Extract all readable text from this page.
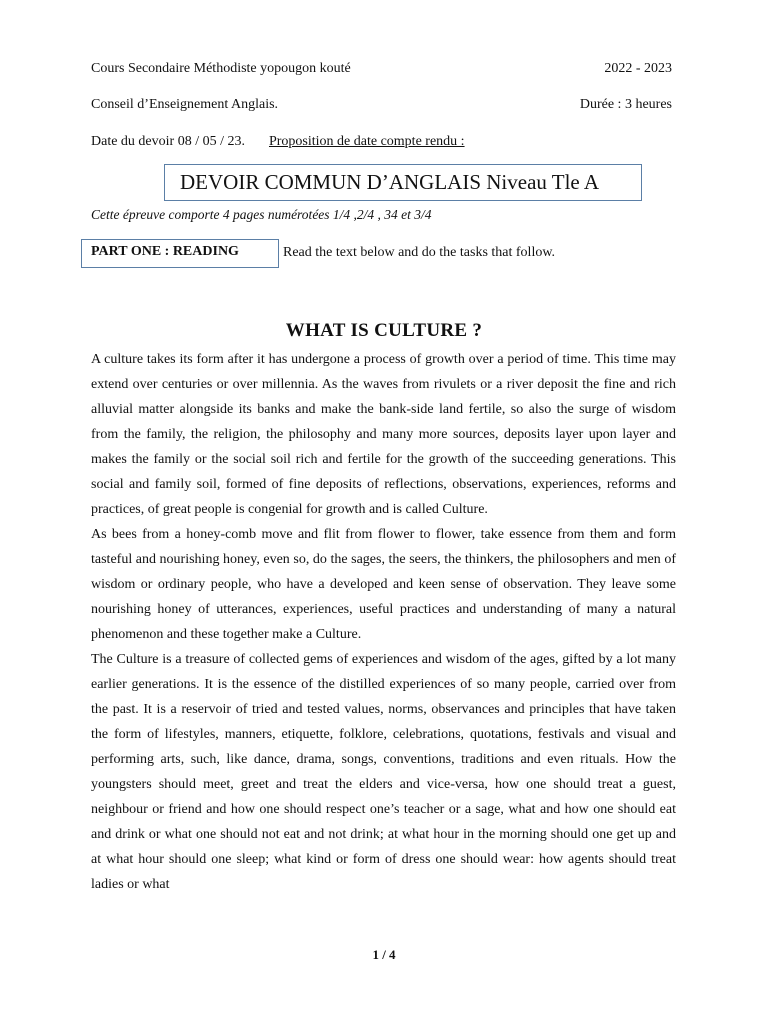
Cours Secondaire Méthodiste yopougon kouté	2022 - 2023
Conseil d’Enseignement Anglais.	Durée : 3 heures
Date du devoir 08 / 05 / 23. Proposition de date compte rendu :
DEVOIR COMMUN D’ANGLAIS Niveau Tle A
Cette épreuve comporte 4 pages numérotées 1/4 ,2/4 , 34 et 3/4
PART ONE : READING	Read the text below and do the tasks that follow.
WHAT IS CULTURE ?

A culture takes its form after it has undergone a process of growth over a period of time. This time may extend over centuries or over millennia. As the waves from rivulets or a river deposit the fine and rich alluvial matter alongside its banks and make the bank-side land fertile, so also the surge of wisdom from the family, the religion, the philosophy and many more sources, deposits layer upon layer and makes the family or the social soil rich and fertile for the growth of the succeeding generations. This social and family soil, formed of fine deposits of reflections, observations, experiences, reforms and practices, of great people is congenial for growth and is called Culture.

As bees from a honey-comb move and flit from flower to flower, take essence from them and form tasteful and nourishing honey, even so, do the sages, the seers, the thinkers, the philosophers and men of wisdom or ordinary people, who have a developed and keen sense of observation. They leave some nourishing honey of utterances, experiences, useful practices and understanding of many a natural phenomenon and these together make a Culture.

The Culture is a treasure of collected gems of experiences and wisdom of the ages, gifted by a lot many earlier generations. It is the essence of the distilled experiences of so many people, carried over from the past. It is a reservoir of tried and tested values, norms, observances and principles that have taken the form of lifestyles, manners, etiquette, folklore, celebrations, quotations, festivals and visual and performing arts, such, like dance, drama, songs, conventions, traditions and even rituals. How the youngsters should meet, greet and treat the elders and vice-versa, how one should treat a guest, neighbour or friend and how one should respect one’s teacher or a sage, what and how one should eat and drink or what one should not eat and not drink; at what hour in the morning should one get up and at what hour should one sleep; what kind or form of dress one should wear: how agents should treat ladies or what

1 / 4
